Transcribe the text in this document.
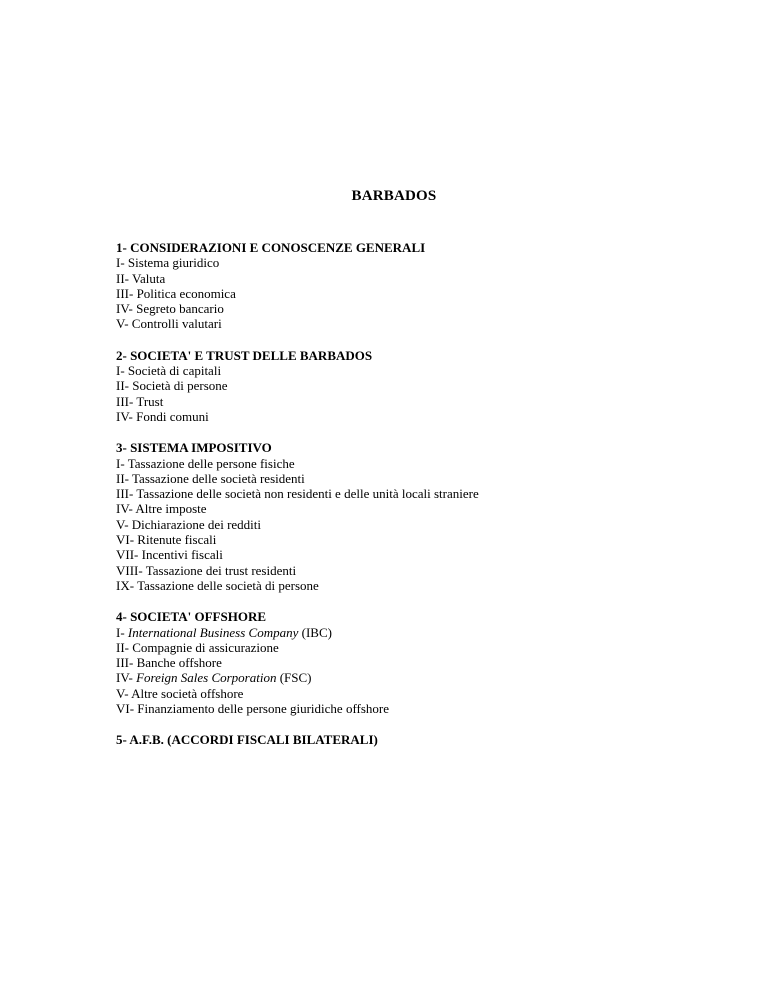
BARBADOS
1- CONSIDERAZIONI E CONOSCENZE GENERALI
I- Sistema giuridico
II- Valuta
III- Politica economica
IV- Segreto bancario
V- Controlli valutari
2- SOCIETA' E TRUST DELLE BARBADOS
I- Società di capitali
II- Società di persone
III- Trust
IV- Fondi comuni
3- SISTEMA IMPOSITIVO
I- Tassazione delle persone fisiche
II- Tassazione delle società residenti
III- Tassazione delle società non residenti e delle unità locali straniere
IV- Altre imposte
V- Dichiarazione dei redditi
VI- Ritenute fiscali
VII- Incentivi fiscali
VIII- Tassazione dei trust residenti
IX- Tassazione delle società di persone
4- SOCIETA' OFFSHORE
I- International Business Company (IBC)
II- Compagnie di assicurazione
III- Banche offshore
IV- Foreign Sales Corporation (FSC)
V- Altre società offshore
VI- Finanziamento delle persone giuridiche offshore
5- A.F.B. (ACCORDI FISCALI BILATERALI)
